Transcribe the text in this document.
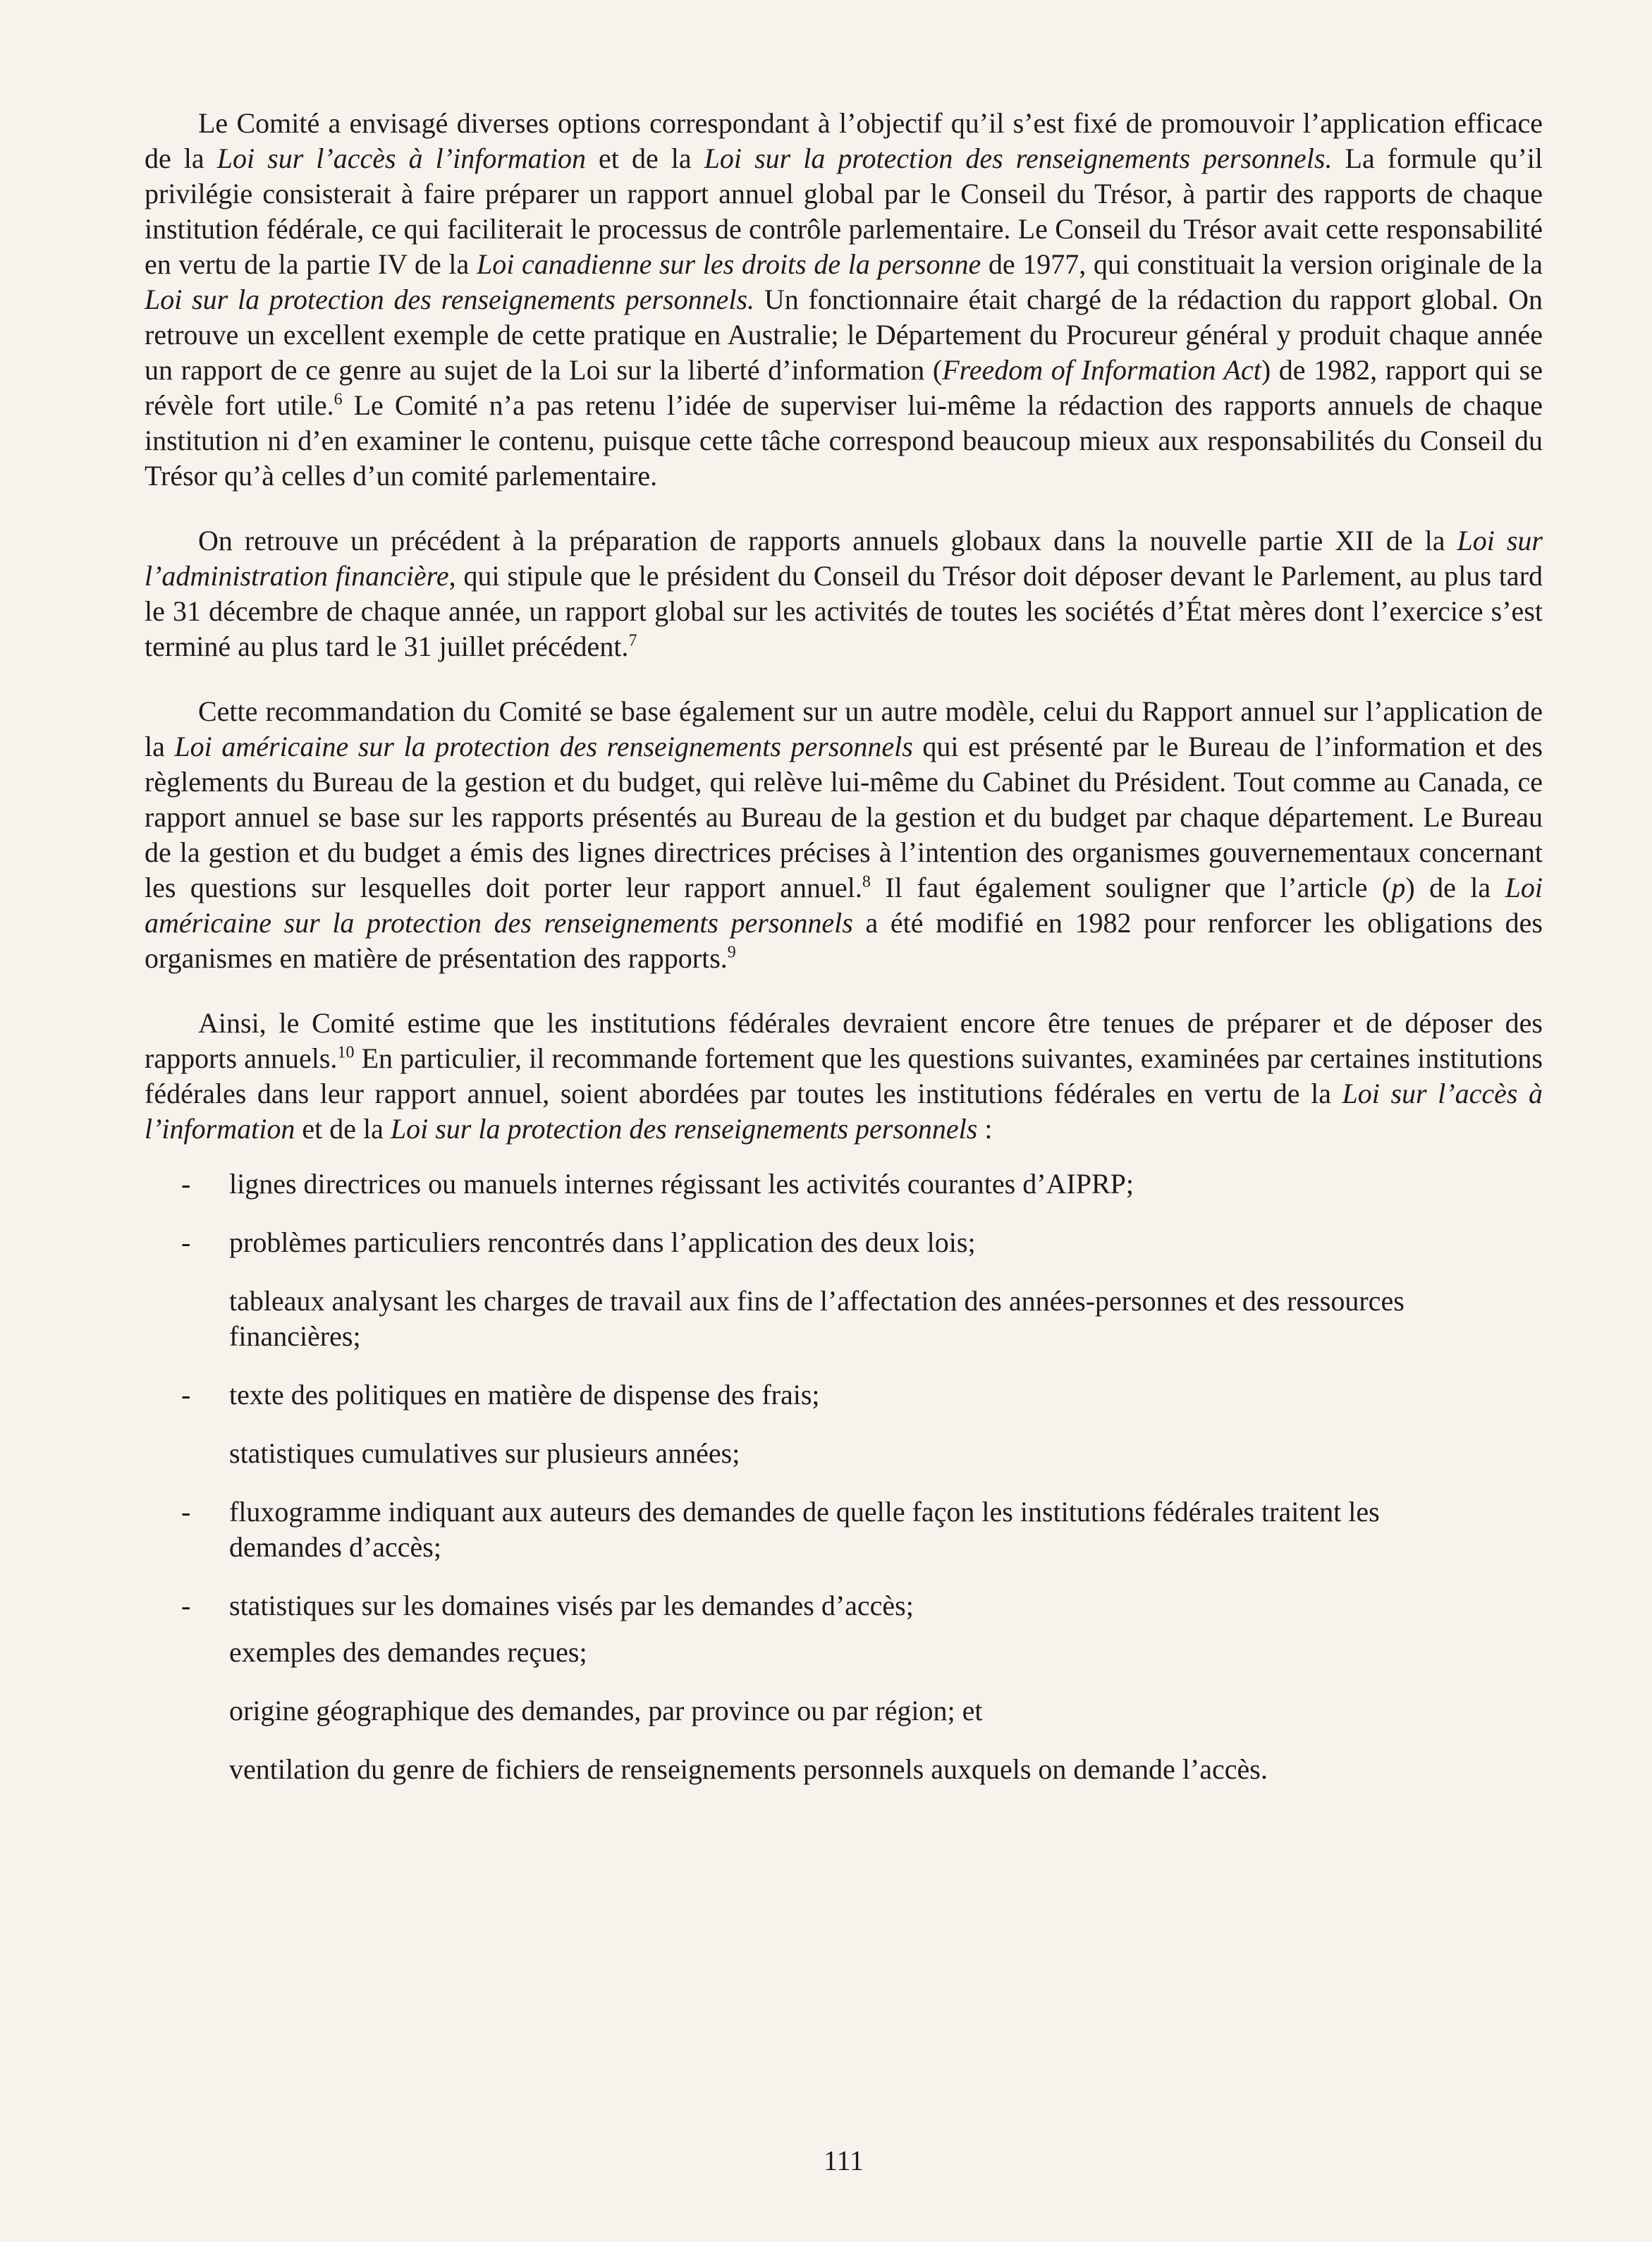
Le Comité a envisagé diverses options correspondant à l’objectif qu’il s’est fixé de promouvoir l’application efficace de la Loi sur l’accès à l’information et de la Loi sur la protection des renseignements personnels. La formule qu’il privilégie consisterait à faire préparer un rapport annuel global par le Conseil du Trésor, à partir des rapports de chaque institution fédérale, ce qui faciliterait le processus de contrôle parlementaire. Le Conseil du Trésor avait cette responsabilité en vertu de la partie IV de la Loi canadienne sur les droits de la personne de 1977, qui constituait la version originale de la Loi sur la protection des renseignements personnels. Un fonctionnaire était chargé de la rédaction du rapport global. On retrouve un excellent exemple de cette pratique en Australie; le Département du Procureur général y produit chaque année un rapport de ce genre au sujet de la Loi sur la liberté d’information (Freedom of Information Act) de 1982, rapport qui se révèle fort utile.$^6$ Le Comité n’a pas retenu l’idée de superviser lui-même la rédaction des rapports annuels de chaque institution ni d’en examiner le contenu, puisque cette tâche correspond beaucoup mieux aux responsabilités du Conseil du Trésor qu’à celles d’un comité parlementaire.

On retrouve un précédent à la préparation de rapports annuels globaux dans la nouvelle partie XII de la Loi sur l’administration financière, qui stipule que le président du Conseil du Trésor doit déposer devant le Parlement, au plus tard le 31 décembre de chaque année, un rapport global sur les activités de toutes les sociétés d’État mères dont l’exercice s’est terminé au plus tard le 31 juillet précédent.$^7$

Cette recommandation du Comité se base également sur un autre modèle, celui du Rapport annuel sur l’application de la Loi américaine sur la protection des renseignements personnels qui est présenté par le Bureau de l’information et des règlements du Bureau de la gestion et du budget, qui relève lui-même du Cabinet du Président. Tout comme au Canada, ce rapport annuel se base sur les rapports présentés au Bureau de la gestion et du budget par chaque département. Le Bureau de la gestion et du budget a émis des lignes directrices précises à l’intention des organismes gouvernementaux concernant les questions sur lesquelles doit porter leur rapport annuel.$^8$ Il faut également souligner que l’article (p) de la Loi américaine sur la protection des renseignements personnels a été modifié en 1982 pour renforcer les obligations des organismes en matière de présentation des rapports.$^9$

Ainsi, le Comité estime que les institutions fédérales devraient encore être tenues de préparer et de déposer des rapports annuels.$^{10}$ En particulier, il recommande fortement que les questions suivantes, examinées par certaines institutions fédérales dans leur rapport annuel, soient abordées par toutes les institutions fédérales en vertu de la Loi sur l’accès à l’information et de la Loi sur la protection des renseignements personnels :

- lignes directrices ou manuels internes régissant les activités courantes d’AIPRP;
- problèmes particuliers rencontrés dans l’application des deux lois;
tableaux analysant les charges de travail aux fins de l’affectation des années-personnes et des ressources financières;
- texte des politiques en matière de dispense des frais;
statistiques cumulatives sur plusieurs années;
- fluxogramme indiquant aux auteurs des demandes de quelle façon les institutions fédérales traitent les demandes d’accès;
- statistiques sur les domaines visés par les demandes d’accès;
exemples des demandes reçues;
origine géographique des demandes, par province ou par région; et
ventilation du genre de fichiers de renseignements personnels auxquels on demande l’accès.
111
